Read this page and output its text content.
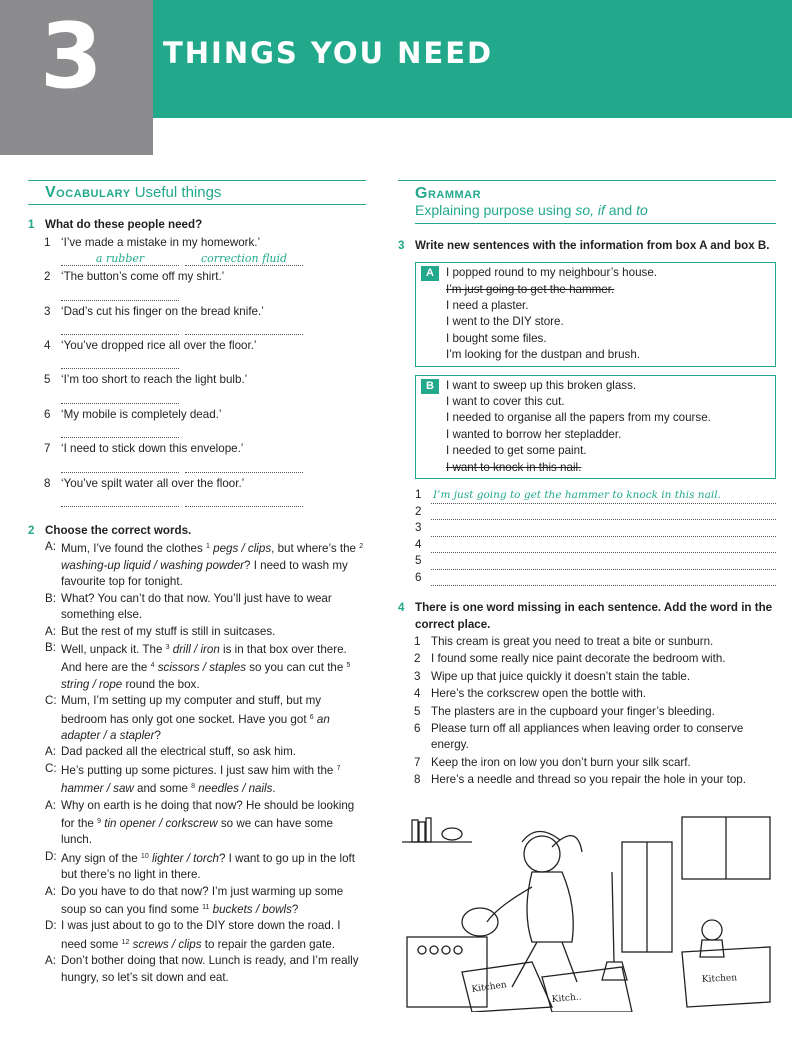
3 THINGS YOU NEED
Vocabulary Useful things
1 What do these people need?
1 ‘I’ve made a mistake in my homework.’
a rubber	correction fluid
2 ‘The button’s come off my shirt.’
3 ‘Dad’s cut his finger on the bread knife.’
4 ‘You’ve dropped rice all over the floor.’
5 ‘I’m too short to reach the light bulb.’
6 ‘My mobile is completely dead.’
7 ‘I need to stick down this envelope.’
8 ‘You’ve spilt water all over the floor.’
2 Choose the correct words.
A: Mum, I’ve found the clothes $^1$ pegs / clips, but where’s the $^2$ washing-up liquid / washing powder? I need to wash my favourite top for tonight.
B: What? You can’t do that now. You’ll just have to wear something else.
A: But the rest of my stuff is still in suitcases.
B: Well, unpack it. The $^3$ drill / iron is in that box over there. And here are the $^4$ scissors / staples so you can cut the $^5$ string / rope round the box.
C: Mum, I’m setting up my computer and stuff, but my bedroom has only got one socket. Have you got $^6$ an adapter / a stapler?
A: Dad packed all the electrical stuff, so ask him.
C: He’s putting up some pictures. I just saw him with the $^7$ hammer / saw and some $^8$ needles / nails.
A: Why on earth is he doing that now? He should be looking for the $^9$ tin opener / corkscrew so we can have some lunch.
D: Any sign of the $^{10}$ lighter / torch? I want to go up in the loft but there’s no light in there.
A: Do you have to do that now? I’m just warming up some soup so can you find some $^{11}$ buckets / bowls?
D: I was just about to go to the DIY store down the road. I need some $^{12}$ screws / clips to repair the garden gate.
A: Don’t bother doing that now. Lunch is ready, and I’m really hungry, so let’s sit down and eat.
Grammar
Explaining purpose using so, if and to
3 Write new sentences with the information from box A and box B.
A	I popped round to my neighbour’s house.
I’m just going to get the hammer.
I need a plaster.
I went to the DIY store.
I bought some files.
I’m looking for the dustpan and brush.
B	I want to sweep up this broken glass.
I want to cover this cut.
I needed to organise all the papers from my course.
I wanted to borrow her stepladder.
I needed to get some paint.
I want to knock in this nail.
1	I’m just going to get the hammer to knock in this nail.
2
3
4
5
6
4 There is one word missing in each sentence. Add the word in the correct place.
1 This cream is great you need to treat a bite or sunburn.
2 I found some really nice paint decorate the bedroom with.
3 Wipe up that juice quickly it doesn’t stain the table.
4 Here’s the corkscrew open the bottle with.
5 The plasters are in the cupboard your finger’s bleeding.
6 Please turn off all appliances when leaving order to conserve energy.
7 Keep the iron on low you don’t burn your silk scarf.
8 Here’s a needle and thread so you repair the hole in your top.
Kitchen
Kitch..
Kitchen
